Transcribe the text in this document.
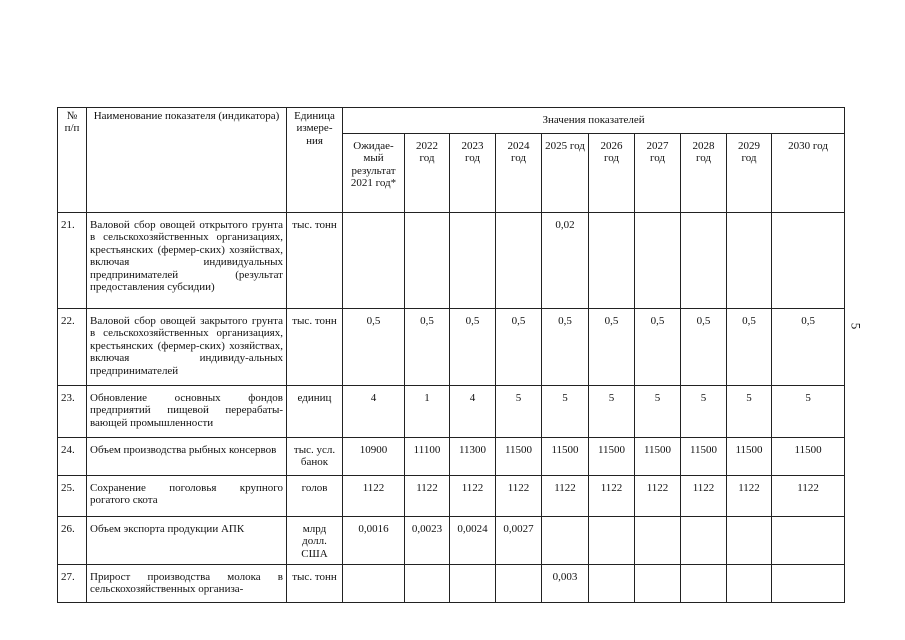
5
№ п/п	Наименование показателя (индикатора)	Единица измере-ния	Значения показателей									
			Ожидае-мый результат 2021 год*	2022 год	2023 год	2024 год	2025 год	2026 год	2027 год	2028 год	2029 год	2030 год
21.	Валовой сбор овощей открытого грунта в сельскохозяйственных организациях, крестьянских (фермер-ских) хозяйствах, включая индивидуальных предпринимателей (результат предоставления субсидии)	тыс. тонн					0,02					
22.	Валовой сбор овощей закрытого грунта в сельскохозяйственных организациях, крестьянских (фермер-ских) хозяйствах, включая индивиду-альных предпринимателей	тыс. тонн	0,5	0,5	0,5	0,5	0,5	0,5	0,5	0,5	0,5	0,5
23.	Обновление основных фондов предприятий пищевой перерабаты-вающей промышленности	единиц	4	1	4	5	5	5	5	5	5	5
24.	Объем производства рыбных консервов	тыс. усл. банок	10900	11100	11300	11500	11500	11500	11500	11500	11500	11500
25.	Сохранение поголовья крупного рогатого скота	голов	1122	1122	1122	1122	1122	1122	1122	1122	1122	1122
26.	Объем экспорта продукции АПК	млрд долл. США	0,0016	0,0023	0,0024	0,0027						
27.	Прирост производства молока в сельскохозяйственных организа-	тыс. тонн					0,003					
